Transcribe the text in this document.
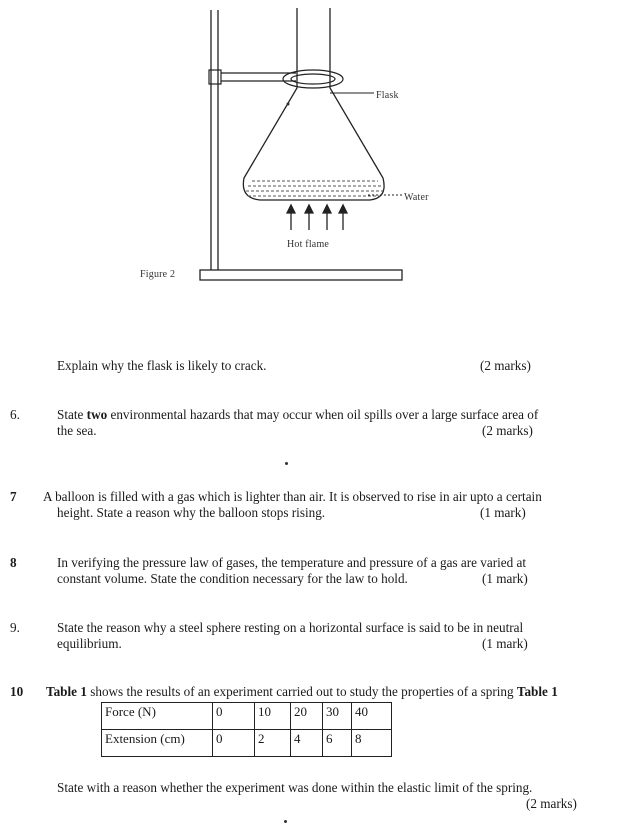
Flask
Water
Hot flame
Figure 2
Explain why the flask is likely to crack.	(2 marks)
6.	State two environmental hazards that may occur when oil spills over a large surface area of
the sea.	(2 marks)
7 A balloon is filled with a gas which is lighter than air. It is observed to rise in air upto a certain
height. State a reason why the balloon stops rising.	(1 mark)
8	In verifying the pressure law of gases, the temperature and pressure of a gas are varied at
constant volume. State the condition necessary for the law to hold.	(1 mark)
9.	State the reason why a steel sphere resting on a horizontal surface is said to be in neutral
equilibrium.	(1 mark)
10 Table 1 shows the results of an experiment carried out to study the properties of a spring Table 1
Force (N)	0	10	20	30	40
Extension (cm)	0	2	4	6	8
State with a reason whether the experiment was done within the elastic limit of the spring.
(2 marks)
